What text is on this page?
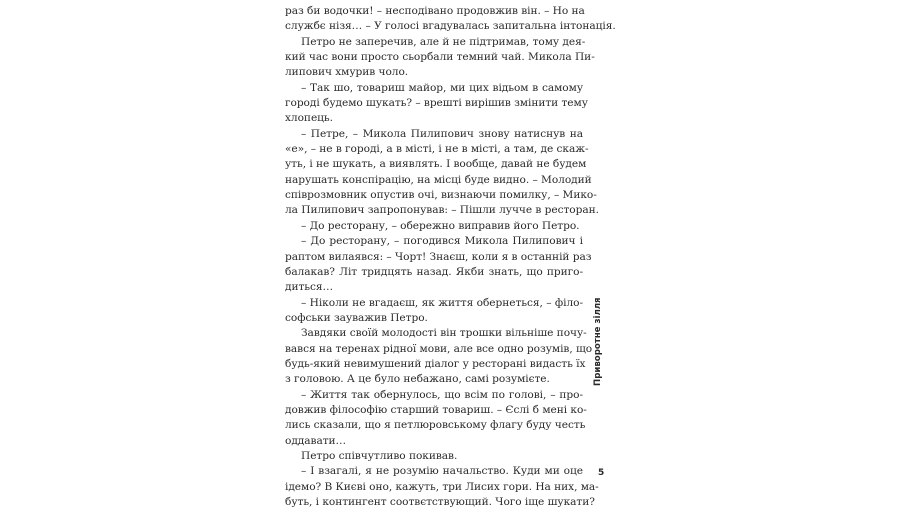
раз би водочки! – несподівано продовжив він. – Но на
службє нізя… – У голосі вгадувалась запитальна інтонація.
Петро не заперечив, але й не підтримав, тому дея-
кий час вони просто сьорбали темний чай. Микола Пи-
липович хмурив чоло.
– Так шо, товариш майор, ми цих відьом в самому
городі будемо шукать? – врешті вирішив змінити тему
хлопець.
– Петре, – Микола Пилипович знову натиснув на
«е», – не в городі, а в місті, і не в місті, а там, де скаж-
уть, і не шукать, а виявлять. І вообще, давай не будем
нарушать конспірацію, на місці буде видно. – Молодий
співрозмовник опустив очі, визнаючи помилку, – Мико-
ла Пилипович запропонував: – Пішли лучче в ресторан.
– До ресторану, – обережно виправив його Петро.
– До ресторану, – погодився Микола Пилипович і
раптом вилаявся: – Чорт! Знаєш, коли я в останній раз
балакав? Літ тридцять назад. Якби знать, що приго-
диться…
– Ніколи не вгадаєш, як життя обернеться, – філо-
софськи зауважив Петро.
Завдяки своїй молодості він трошки вільніше почу-
вався на теренах рідної мови, але все одно розумів, що
будь-який невимушений діалог у ресторані видасть їх
з головою. А це було небажано, самі розумієте.
– Життя так обернулось, що всім по голові, – про-
довжив філософію старший товариш. – Єслі б мені ко-
лись сказали, що я петлюровському флагу буду честь
оддавати…
Петро співчутливо покивав.
– І взагалі, я не розумію начальство. Куди ми оце
ідемо? В Києві оно, кажуть, три Лисих гори. На них, ма-
буть, і контингент соотвєтствующий. Чого іще шукати?
Приворотне зілля
5
